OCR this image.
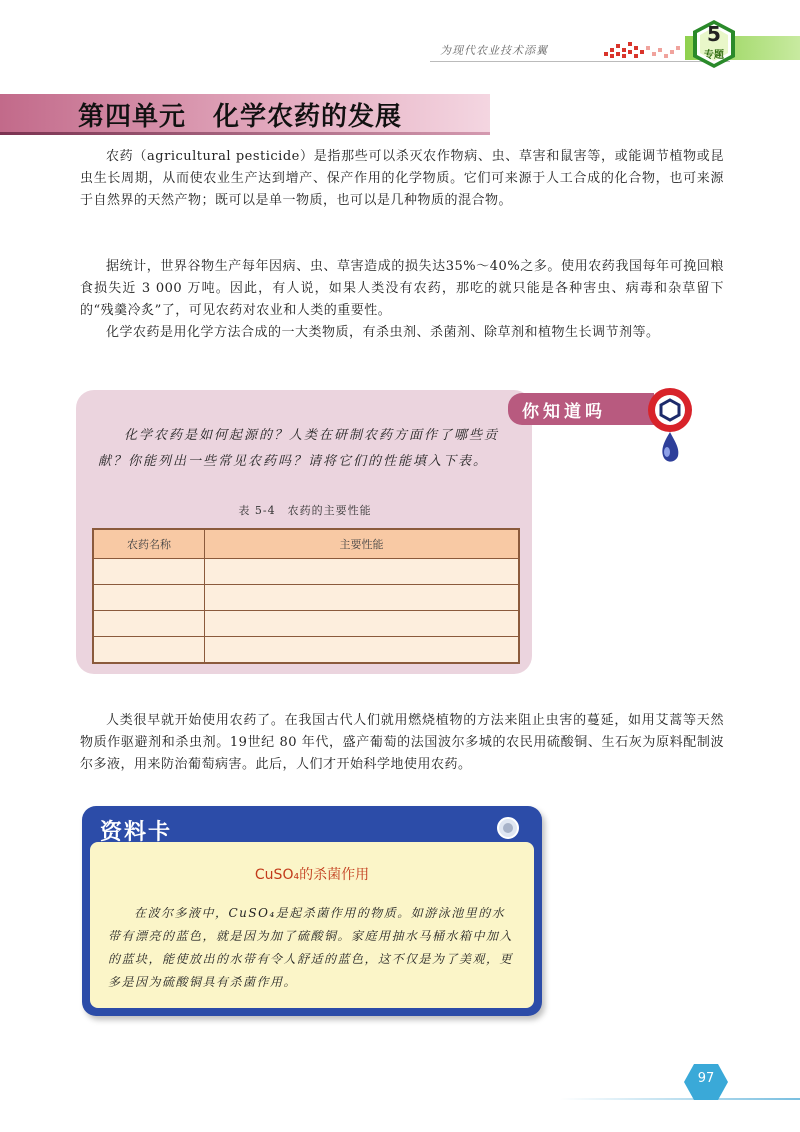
为现代农业技术添翼
5
专题
第四单元　化学农药的发展

农药（agricultural pesticide）是指那些可以杀灭农作物病、虫、草害和鼠害等，或能调节植物或昆虫生长周期，从而使农业生产达到增产、保产作用的化学物质。它们可来源于人工合成的化合物，也可来源于自然界的天然产物；既可以是单一物质，也可以是几种物质的混合物。

据统计，世界谷物生产每年因病、虫、草害造成的损失达35%～40%之多。使用农药我国每年可挽回粮食损失近 3 000 万吨。因此，有人说，如果人类没有农药，那吃的就只能是各种害虫、病毒和杂草留下的“残羹冷炙”了，可见农药对农业和人类的重要性。

化学农药是用化学方法合成的一大类物质，有杀虫剂、杀菌剂、除草剂和植物生长调节剂等。

你知道吗

化学农药是如何起源的？人类在研制农药方面作了哪些贡献？你能列出一些常见农药吗？请将它们的性能填入下表。

表 5-4　农药的主要性能
农药名称	主要性能

人类很早就开始使用农药了。在我国古代人们就用燃烧植物的方法来阻止虫害的蔓延，如用艾蒿等天然物质作驱避剂和杀虫剂。19世纪 80 年代，盛产葡萄的法国波尔多城的农民用硫酸铜、生石灰为原料配制波尔多液，用来防治葡萄病害。此后，人们才开始科学地使用农药。

资料卡
CuSO₄的杀菌作用

在波尔多液中，CuSO₄是起杀菌作用的物质。如游泳池里的水带有漂亮的蓝色，就是因为加了硫酸铜。家庭用抽水马桶水箱中加入的蓝块，能使放出的水带有令人舒适的蓝色，这不仅是为了美观，更多是因为硫酸铜具有杀菌作用。

97
